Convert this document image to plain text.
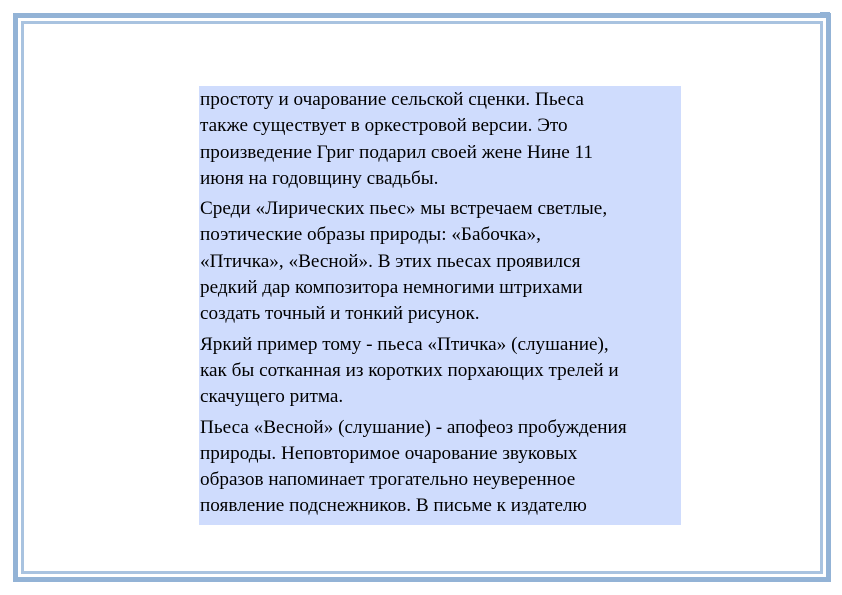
простоту и очарование сельской сценки. Пьеса
также существует в оркестровой версии. Это
произведение Григ подарил своей жене Нине 11
июня на годовщину свадьбы.

Среди «Лирических пьес» мы встречаем светлые,
поэтические образы природы: «Бабочка»,
«Птичка», «Весной». В этих пьесах проявился
редкий дар композитора немногими штрихами
создать точный и тонкий рисунок.

Яркий пример тому - пьеса «Птичка» (слушание),
как бы сотканная из коротких порхающих трелей и
скачущего ритма.

Пьеса «Весной» (слушание) - апофеоз пробуждения
природы. Неповторимое очарование звуковых
образов напоминает трогательно неуверенное
появление подснежников. В письме к издателю
